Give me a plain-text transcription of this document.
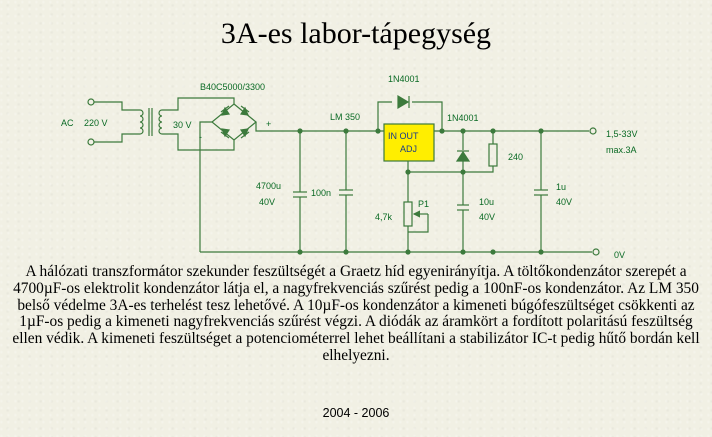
3A-es labor-tápegység
AC 220 V	30 V
B40C5000/3300
+
-
LM 350
1N4001
1N4001
IN OUT
ADJ
240
4700u
40V
100n
10u
40V
1u
40V
P1
4,7k
1,5-33V
max.3A
0V

A hálózati transzformátor szekunder feszültségét a Graetz híd egyenirányítja. A töltőkondenzátor szerepét a 4700µF-os elektrolit kondenzátor látja el, a nagyfrekvenciás szűrést pedig a 100nF-os kondenzátor. Az LM 350 belső védelme 3A-es terhelést tesz lehetővé. A 10µF-os kondenzátor a kimeneti búgófeszültséget csökkenti az 1µF-os pedig a kimeneti nagyfrekvenciás szűrést végzi. A diódák az áramkört a fordított polaritású feszültség ellen védik. A kimeneti feszültséget a potenciométerrel lehet beállítani a stabilizátor IC-t pedig hűtő bordán kell elhelyezni.

2004 - 2006
